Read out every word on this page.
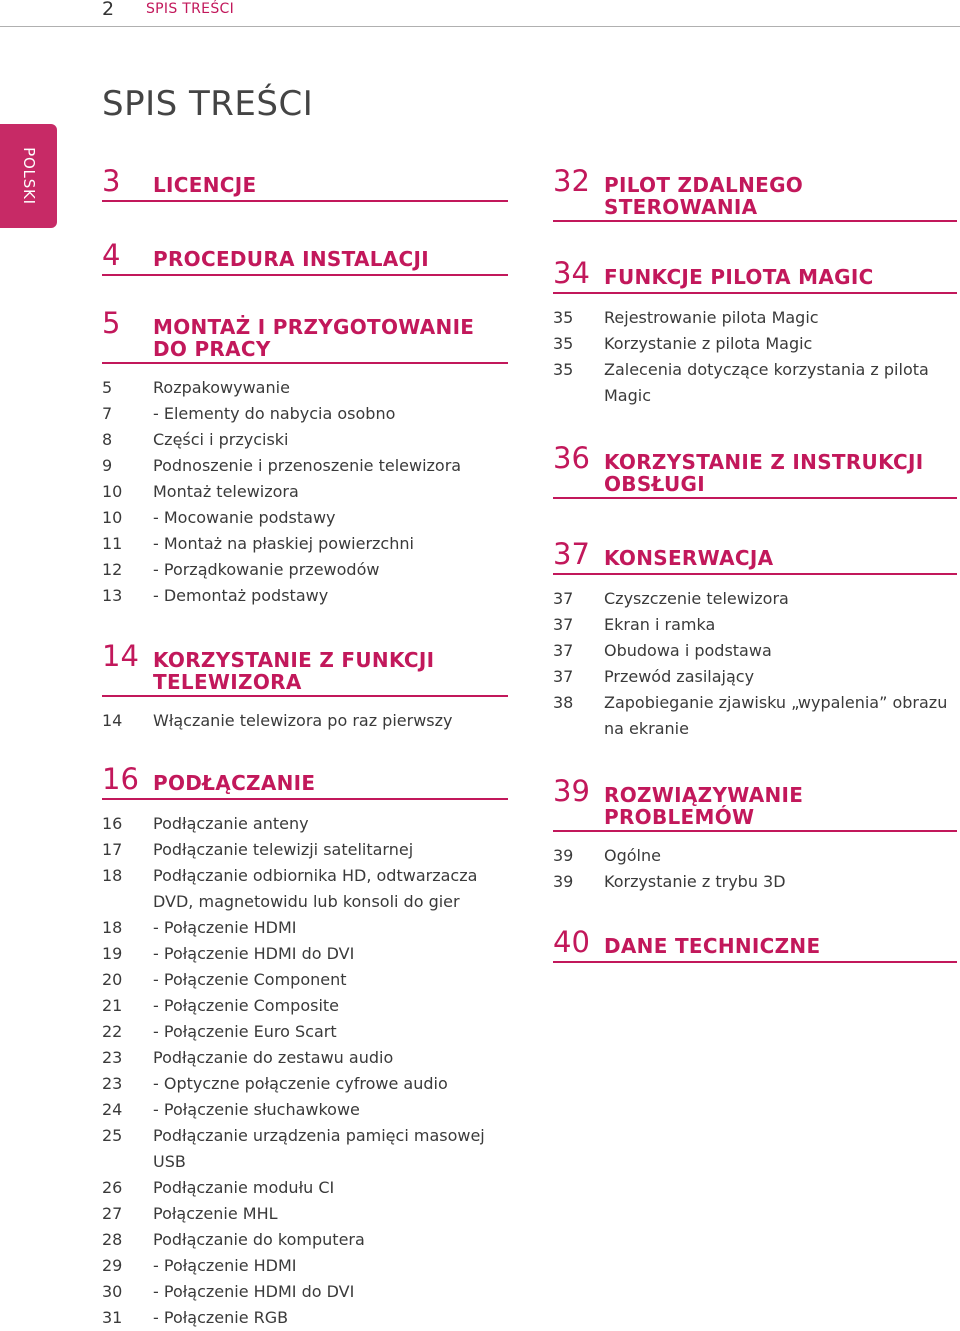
2 SPIS TREŚCI
SPIS TREŚCI
POLSKI 3	LICENCJE
4	PROCEDURA INSTALACJI
5	MONTAŻ I PRZYGOTOWANIE DO PRACY
5	Rozpakowywanie
7	- Elementy do nabycia osobno
8	Części i przyciski
9	Podnoszenie i przenoszenie telewizora
10	Montaż telewizora
10	- Mocowanie podstawy
11	- Montaż na płaskiej powierzchni
12	- Porządkowanie przewodów
13	- Demontaż podstawy
14 KORZYSTANIE Z FUNKCJI TELEWIZORA
14	Włączanie telewizora po raz pierwszy
16 PODŁĄCZANIE
16	Podłączanie anteny
17	Podłączanie telewizji satelitarnej
18	Podłączanie odbiornika HD, odtwarzacza DVD, magnetowidu lub konsoli do gier
18	- Połączenie HDMI
19	- Połączenie HDMI do DVI
20	- Połączenie Component
21	- Połączenie Composite
22	- Połączenie Euro Scart
23	Podłączanie do zestawu audio
23	- Optyczne połączenie cyfrowe audio
24	- Połączenie słuchawkowe
25	Podłączanie urządzenia pamięci masowej USB
26	Podłączanie modułu CI
27	Połączenie MHL
28	Podłączanie do komputera
29	- Połączenie HDMI
30	- Połączenie HDMI do DVI
31	- Połączenie RGB
32 PILOT ZDALNEGO STEROWANIA
34 FUNKCJE PILOTA MAGIC
35	Rejestrowanie pilota Magic
35	Korzystanie z pilota Magic
35	Zalecenia dotyczące korzystania z pilota Magic
36 KORZYSTANIE Z INSTRUKCJI OBSŁUGI
37 KONSERWACJA
37	Czyszczenie telewizora
37	Ekran i ramka
37	Obudowa i podstawa
37	Przewód zasilający
38	Zapobieganie zjawisku „wypalenia” obrazu na ekranie
39 ROZWIĄZYWANIE PROBLEMÓW
39	Ogólne
39	Korzystanie z trybu 3D
40 DANE TECHNICZNE
